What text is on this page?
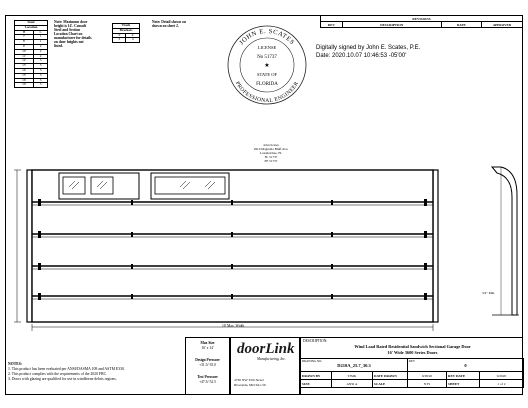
Steel	
Location	
H	L
7'	1
8'	1
9'	2
10'	2
11'	2
12'	3
13'	3
14'	3
15'	3
16'	3
19'	3
Note: Maximum door
height is 14'. Consult
Steel and Section
Location Chart on
manufacturer for details
on door heights not
listed.
Track	
Brackets	
3'	4'
3	4
Note: Detail shown on
shown on sheet 2.
JOHN E. SCATES
PROFESSIONAL ENGINEER
LICENSE
No 51737
★
STATE OF
FLORIDA
Digitally signed by John E. Scates, P.E.
Date: 2020.10.07 10:46:53 -05'00'
REVISIONS
REV	DESCRIPTION	DATE	APPROVED
John Scates
2910 Magnolia Bluff Ave.
Loxahatchee, FL
FL 51737
PE 51737
16' Max. Width
3/4" Min.
NOTES:
1. This product has been evaluated per ANSI/DASMA 108 and ASTM E330.
2. This product complies with the requirements of the 2020 FBC.
3. Doors with glazing are qualified for use in windborne debris regions.
Max Size
16' x 14'
Design Pressure
+31.5/-35.0
Test Pressure
+47.3/-52.5
doorLink
Manufacturing, Inc.
4730 NW 35th Street
Riverside, MO 641-50
DESCRIPTION:
Wind Load Rated Residential Sandwich Sectional Garage Door
16' Wide 3600 Series Doors
DRAWING NO.
D210A_25.7_30.3			REV
0		

DRAWN BY	TJMK	DATE DRAWN	9/28/20	REV DATE	9/2020
SIZE	ANSI A	SCALE	NTS	SHEET	1 of 2
